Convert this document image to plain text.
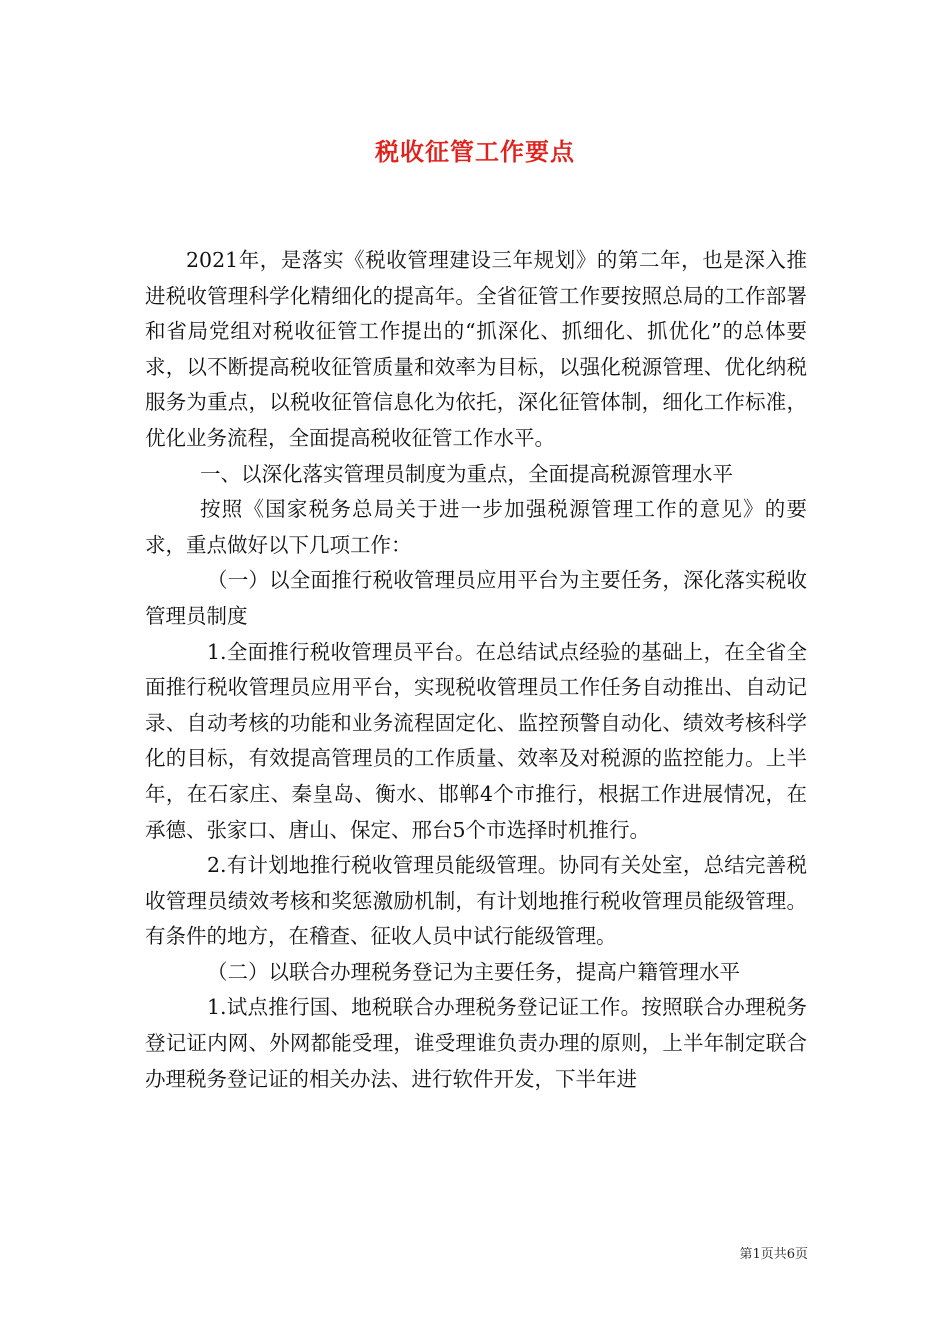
税收征管工作要点

2021年，是落实《税收管理建设三年规划》的第二年，也是深入推进税收管理科学化精细化的提高年。全省征管工作要按照总局的工作部署和省局党组对税收征管工作提出的“抓深化、抓细化、抓优化”的总体要求，以不断提高税收征管质量和效率为目标，以强化税源管理、优化纳税服务为重点，以税收征管信息化为依托，深化征管体制，细化工作标准，优化业务流程，全面提高税收征管工作水平。

一、以深化落实管理员制度为重点，全面提高税源管理水平

按照《国家税务总局关于进一步加强税源管理工作的意见》的要求，重点做好以下几项工作：

（一）以全面推行税收管理员应用平台为主要任务，深化落实税收管理员制度

1.全面推行税收管理员平台。在总结试点经验的基础上，在全省全面推行税收管理员应用平台，实现税收管理员工作任务自动推出、自动记录、自动考核的功能和业务流程固定化、监控预警自动化、绩效考核科学化的目标，有效提高管理员的工作质量、效率及对税源的监控能力。上半年，在石家庄、秦皇岛、衡水、邯郸4个市推行，根据工作进展情况，在承德、张家口、唐山、保定、邢台5个市选择时机推行。

2.有计划地推行税收管理员能级管理。协同有关处室，总结完善税收管理员绩效考核和奖惩激励机制，有计划地推行税收管理员能级管理。有条件的地方，在稽查、征收人员中试行能级管理。

（二）以联合办理税务登记为主要任务，提高户籍管理水平

1.试点推行国、地税联合办理税务登记证工作。按照联合办理税务登记证内网、外网都能受理，谁受理谁负责办理的原则，上半年制定联合办理税务登记证的相关办法、进行软件开发，下半年进

第1页共6页
